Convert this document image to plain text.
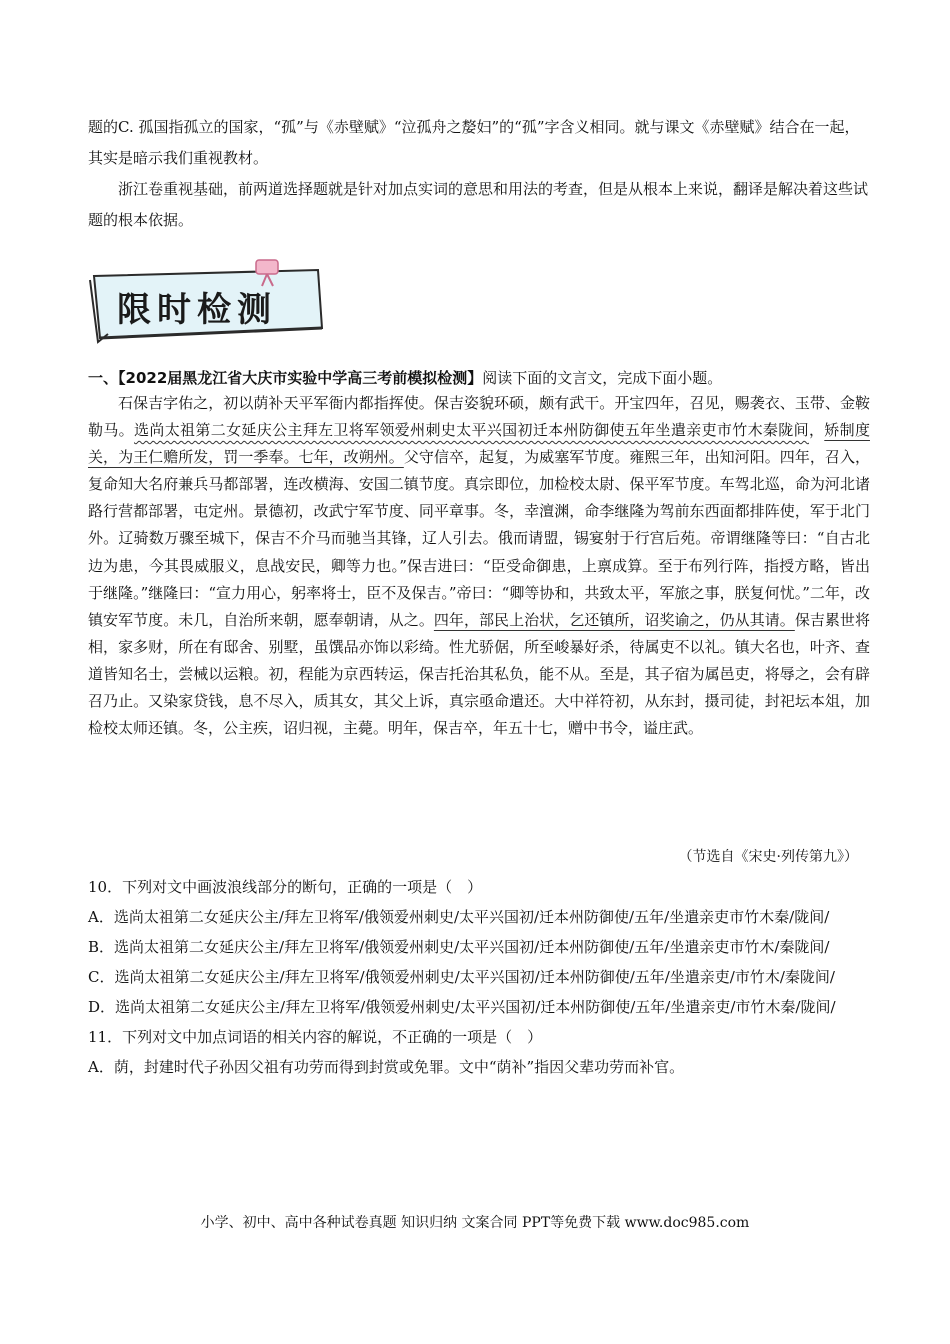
题的C. 孤国指孤立的国家，“孤”与《赤壁赋》“泣孤舟之嫠妇”的“孤”字含义相同。就与课文《赤壁赋》结合在一起，其实是暗示我们重视教材。

浙江卷重视基础，前两道选择题就是针对加点实词的意思和用法的考查，但是从根本上来说，翻译是解决着这些试题的根本依据。

限时检测
一、【2022届黑龙江省大庆市实验中学高三考前模拟检测】阅读下面的文言文，完成下面小题。

石保吉字佑之，初以荫补天平军衙内都指挥使。保吉姿貌环硕，颇有武干。开宝四年，召见，赐袭衣、玉带、金鞍勒马。选尚太祖第二女延庆公主拜左卫将军领爱州刺史太平兴国初迁本州防御使五年坐遣亲吏市竹木秦陇间，矫制度关，为王仁赡所发，罚一季奉。七年，改朔州。父守信卒，起复，为威塞军节度。雍熙三年，出知河阳。四年，召入，复命知大名府兼兵马都部署，连改横海、安国二镇节度。真宗即位，加检校太尉、保平军节度。车驾北巡，命为河北诸路行营都部署，屯定州。景德初，改武宁军节度、同平章事。冬，幸澶渊，命李继隆为驾前东西面都排阵使，军于北门外。辽骑数万骤至城下，保吉不介马而驰当其锋，辽人引去。俄而请盟，锡宴射于行宫后苑。帝谓继隆等曰：“自古北边为患，今其畏威服义，息战安民，卿等力也。”保吉进曰：“臣受命御患，上禀成算。至于布列行阵，指授方略，皆出于继隆。”继隆曰：“宣力用心，躬率将士，臣不及保吉。”帝曰：“卿等协和，共致太平，军旅之事，朕复何忧。”二年，改镇安军节度。未几，自治所来朝，愿奉朝请，从之。四年，部民上治状，乞还镇所，诏奖谕之，仍从其请。保吉累世将相，家多财，所在有邸舍、别墅，虽馔品亦饰以彩绮。性尤骄倨，所至峻暴好杀，待属吏不以礼。镇大名也，叶齐、查道皆知名士，尝械以运粮。初，程能为京西转运，保吉托治其私负，能不从。至是，其子宿为属邑吏，将辱之，会有辟召乃止。又染家贷钱，息不尽入，质其女，其父上诉，真宗亟命遣还。大中祥符初，从东封，摄司徒，封祀坛本俎，加检校太师还镇。冬，公主疾，诏归视，主薨。明年，保吉卒，年五十七，赠中书令，谥庄武。

（节选自《宋史·列传第九》）

10．下列对文中画波浪线部分的断句，正确的一项是（　）

A．选尚太祖第二女延庆公主/拜左卫将军/俄领爱州刺史/太平兴国初/迁本州防御使/五年/坐遣亲吏市竹木秦/陇间/

B．选尚太祖第二女延庆公主/拜左卫将军/俄领爱州刺史/太平兴国初/迁本州防御使/五年/坐遣亲吏市竹木/秦陇间/

C．选尚太祖第二女延庆公主/拜左卫将军/俄领爱州刺史/太平兴国初/迁本州防御使/五年/坐遣亲吏/市竹木/秦陇间/

D．选尚太祖第二女延庆公主/拜左卫将军/俄领爱州刺史/太平兴国初/迁本州防御使/五年/坐遣亲吏/市竹木秦/陇间/

11．下列对文中加点词语的相关内容的解说，不正确的一项是（　）

A．荫，封建时代子孙因父祖有功劳而得到封赏或免罪。文中“荫补”指因父辈功劳而补官。

小学、初中、高中各种试卷真题 知识归纳 文案合同 PPT等免费下载 www.doc985.com
